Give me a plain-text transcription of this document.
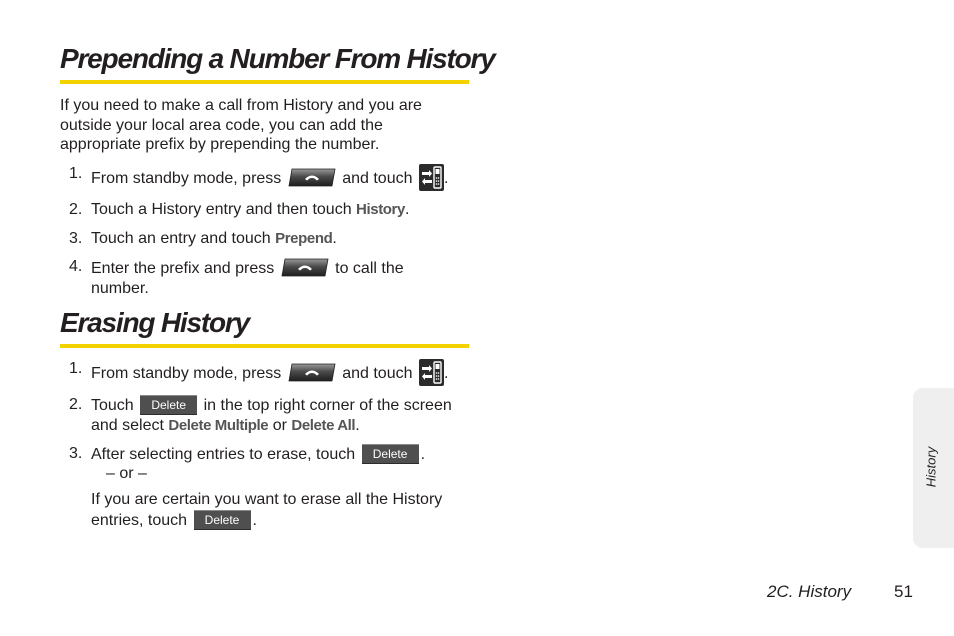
Prepending a Number From History

If you need to make a call from History and you are outside your local area code, you can add the appropriate prefix by prepending the number.

1. From standby mode, press	and touch .
2. Touch a History entry and then touch History.
3. Touch an entry and touch Prepend.
4. Enter the prefix and press	to call the number.
Erasing History
1. From standby mode, press	and touch .
2. Touch Delete in the top right corner of the screen and select Delete Multiple or Delete All.
3. After selecting entries to erase, touch Delete .

– or –

If you are certain you want to erase all the History entries, touch Delete .

History
2C. History	51
